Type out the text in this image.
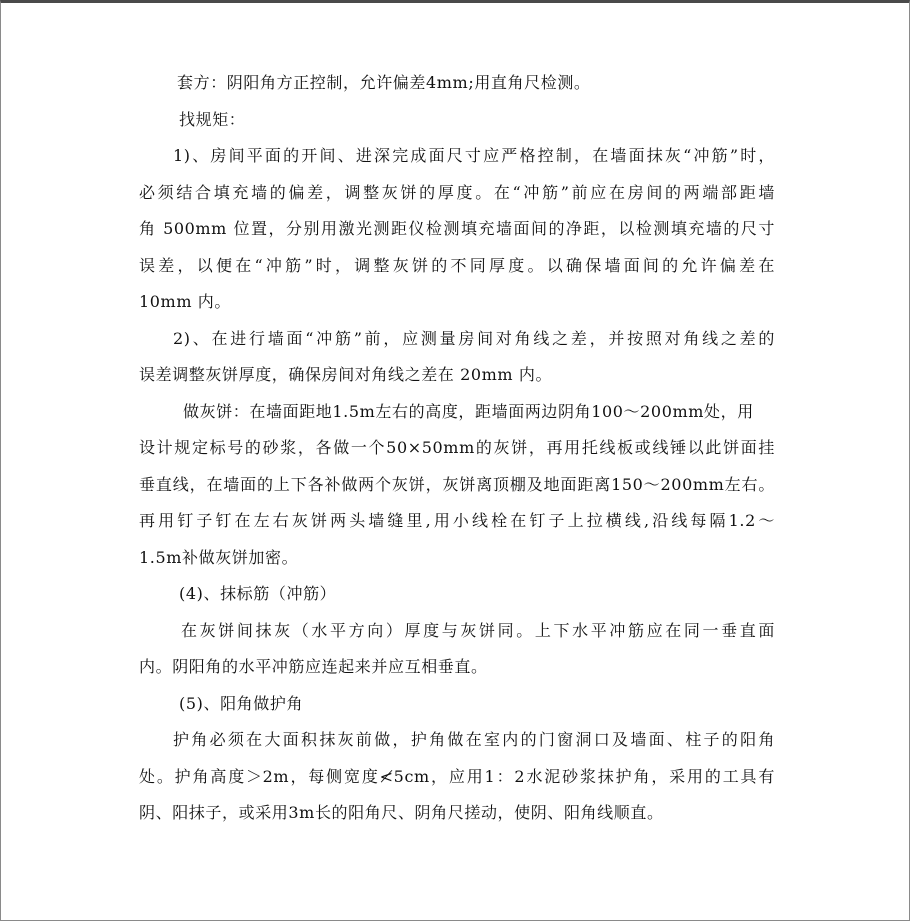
套方：阴阳角方正控制，允许偏差4mm;用直角尺检测。
找规矩：
1)、房间平面的开间、进深完成面尺寸应严格控制，在墙面抹灰“冲筋”时，
必须结合填充墙的偏差，调整灰饼的厚度。在“冲筋”前应在房间的两端部距墙
角 500mm 位置，分别用激光测距仪检测填充墙面间的净距，以检测填充墙的尺寸
误差，以便在“冲筋”时，调整灰饼的不同厚度。以确保墙面间的允许偏差在
10mm 内。
2)、在进行墙面“冲筋”前，应测量房间对角线之差，并按照对角线之差的
误差调整灰饼厚度，确保房间对角线之差在 20mm 内。
做灰饼：在墙面距地1.5m左右的高度，距墙面两边阴角100～200mm处，用
设计规定标号的砂浆，各做一个50×50mm的灰饼，再用托线板或线锤以此饼面挂
垂直线，在墙面的上下各补做两个灰饼，灰饼离顶棚及地面距离150～200mm左右。
再用钉子钉在左右灰饼两头墙缝里,用小线栓在钉子上拉横线,沿线每隔1.2～
1.5m补做灰饼加密。
(4)、抹标筋（冲筋）
在灰饼间抹灰（水平方向）厚度与灰饼同。上下水平冲筋应在同一垂直面
内。阴阳角的水平冲筋应连起来并应互相垂直。
(5)、阳角做护角
护角必须在大面积抹灰前做，护角做在室内的门窗洞口及墙面、柱子的阳角
处。护角高度＞2m，每侧宽度≮5cm，应用1：2水泥砂浆抹护角，采用的工具有
阴、阳抹子，或采用3m长的阳角尺、阴角尺搓动，使阴、阳角线顺直。
